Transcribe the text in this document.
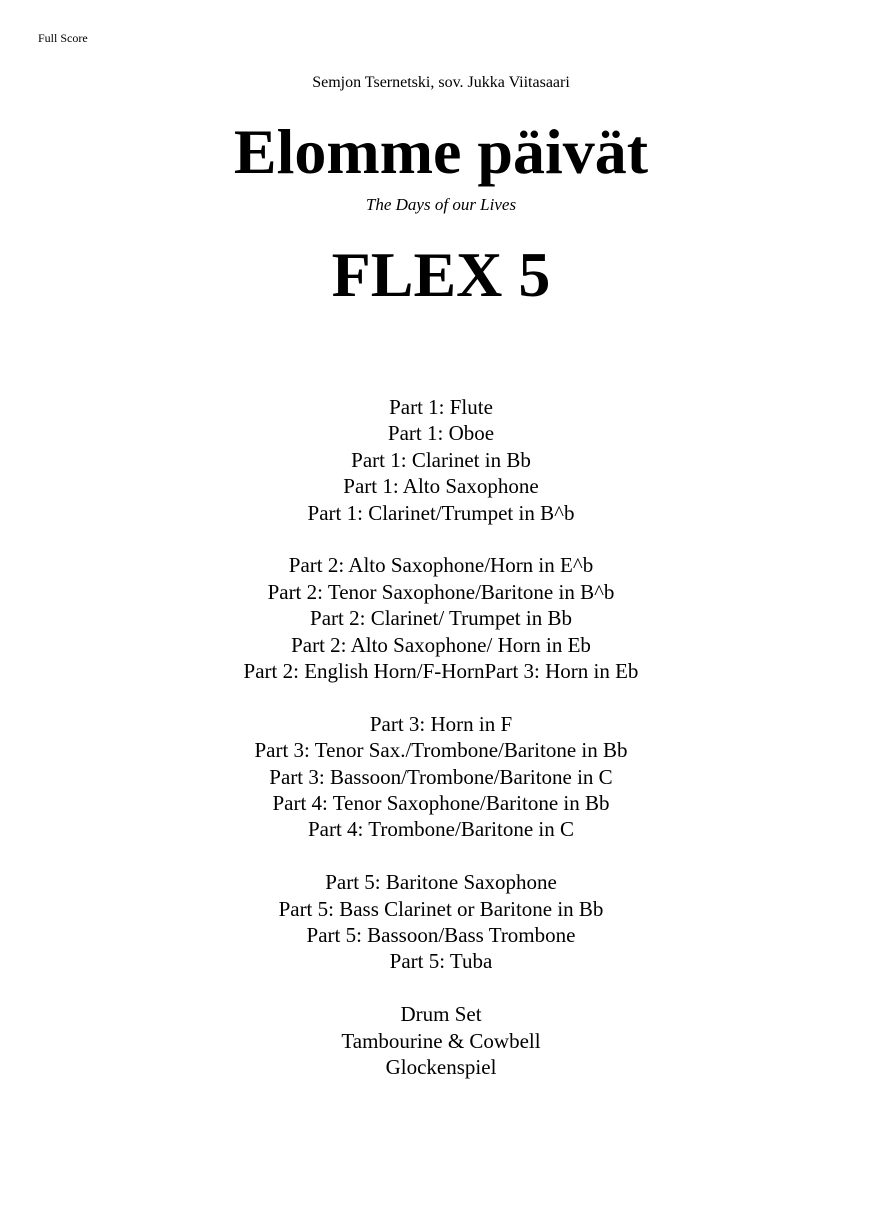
Full Score
Semjon Tsernetski, sov. Jukka Viitasaari
Elomme päivät
The Days of our Lives
FLEX 5
Part 1: Flute
Part 1: Oboe
Part 1: Clarinet in Bb
Part 1: Alto Saxophone
Part 1: Clarinet/Trumpet in B^b
Part 2: Alto Saxophone/Horn in E^b
Part 2: Tenor Saxophone/Baritone in B^b
Part 2: Clarinet/ Trumpet in Bb
Part 2: Alto Saxophone/ Horn in Eb
Part 2: English Horn/F-HornPart 3: Horn in Eb
Part 3: Horn in F
Part 3: Tenor Sax./Trombone/Baritone in Bb
Part 3: Bassoon/Trombone/Baritone in C
Part 4: Tenor Saxophone/Baritone in Bb
Part 4: Trombone/Baritone in C
Part 5: Baritone Saxophone
Part 5: Bass Clarinet or Baritone in Bb
Part 5: Bassoon/Bass Trombone
Part 5: Tuba
Drum Set
Tambourine & Cowbell
Glockenspiel
